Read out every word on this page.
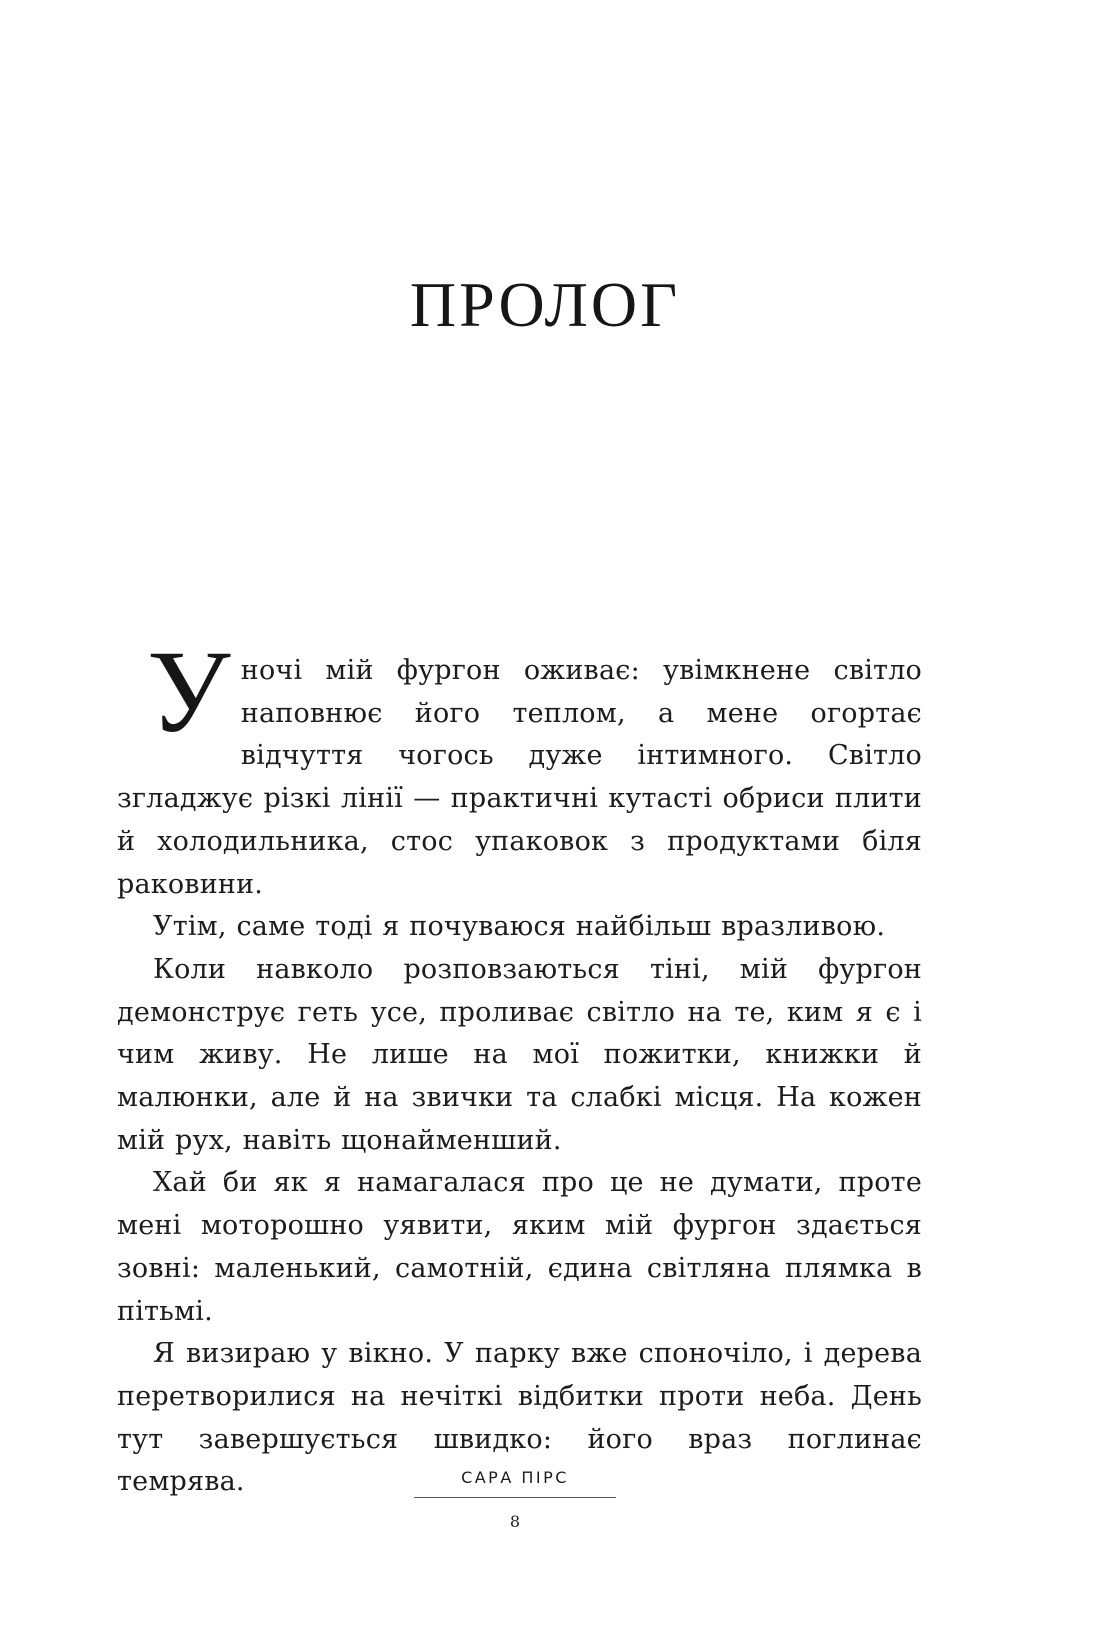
ПРОЛОГ

Уночі мій фургон оживає: увімкнене світло наповнює його теплом, а мене огортає відчуття чогось дуже інтимного. Світло згладжує різкі лінії — практичні кутасті обриси плити й холодильника, стос упаковок з продуктами біля раковини.

Утім, саме тоді я почуваюся найбільш вразливою.

Коли навколо розповзаються тіні, мій фургон демонструє геть усе, проливає світло на те, ким я є і чим живу. Не лише на мої пожитки, книжки й малюнки, але й на звички та слабкі місця. На кожен мій рух, навіть щонайменший.

Хай би як я намагалася про це не думати, проте мені моторошно уявити, яким мій фургон здається зовні: маленький, самотній, єдина світляна плямка в пітьмі.

Я визираю у вікно. У парку вже споночіло, і дерева перетворилися на нечіткі відбитки проти неба. День тут завершується швидко: його враз поглинає темрява.	САРА ПІРС
8
